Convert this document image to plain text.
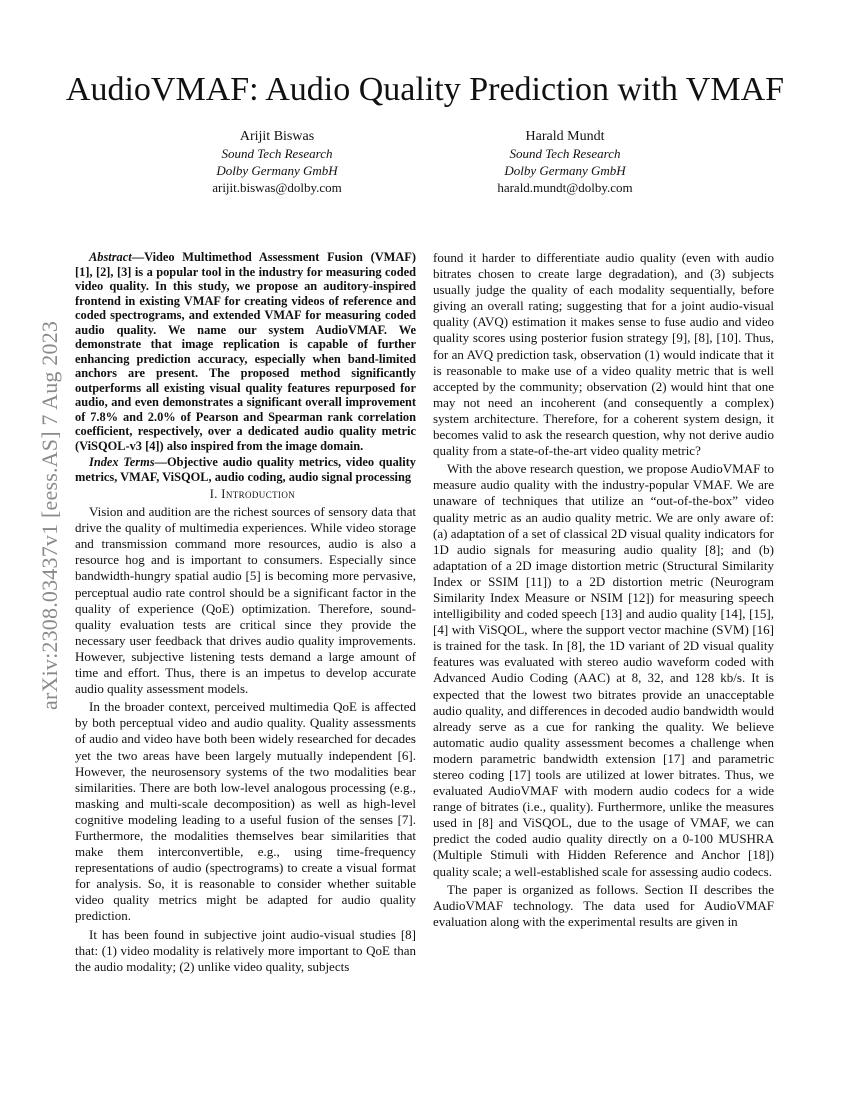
arXiv:2308.03437v1 [eess.AS] 7 Aug 2023
AudioVMAF: Audio Quality Prediction with VMAF
Arijit Biswas
Sound Tech Research
Dolby Germany GmbH
arijit.biswas@dolby.com
Harald Mundt
Sound Tech Research
Dolby Germany GmbH
harald.mundt@dolby.com

Abstract—Video Multimethod Assessment Fusion (VMAF) [1], [2], [3] is a popular tool in the industry for measuring coded video quality. In this study, we propose an auditory-inspired frontend in existing VMAF for creating videos of reference and coded spectrograms, and extended VMAF for measuring coded audio quality. We name our system AudioVMAF. We demonstrate that image replication is capable of further enhancing prediction accuracy, especially when band-limited anchors are present. The proposed method significantly outperforms all existing visual quality features repurposed for audio, and even demonstrates a significant overall improvement of 7.8% and 2.0% of Pearson and Spearman rank correlation coefficient, respectively, over a dedicated audio quality metric (ViSQOL-v3 [4]) also inspired from the image domain.

Index Terms—Objective audio quality metrics, video quality metrics, VMAF, ViSQOL, audio coding, audio signal processing

I. Introduction

Vision and audition are the richest sources of sensory data that drive the quality of multimedia experiences. While video storage and transmission command more resources, audio is also a resource hog and is important to consumers. Especially since bandwidth-hungry spatial audio [5] is becoming more pervasive, perceptual audio rate control should be a significant factor in the quality of experience (QoE) optimization. Therefore, sound-quality evaluation tests are critical since they provide the necessary user feedback that drives audio quality improvements. However, subjective listening tests demand a large amount of time and effort. Thus, there is an impetus to develop accurate audio quality assessment models.

In the broader context, perceived multimedia QoE is affected by both perceptual video and audio quality. Quality assessments of audio and video have both been widely researched for decades yet the two areas have been largely mutually independent [6]. However, the neurosensory systems of the two modalities bear similarities. There are both low-level analogous processing (e.g., masking and multi-scale decomposition) as well as high-level cognitive modeling leading to a useful fusion of the senses [7]. Furthermore, the modalities themselves bear similarities that make them interconvertible, e.g., using time-frequency representations of audio (spectrograms) to create a visual format for analysis. So, it is reasonable to consider whether suitable video quality metrics might be adapted for audio quality prediction.

It has been found in subjective joint audio-visual studies [8] that: (1) video modality is relatively more important to QoE than the audio modality; (2) unlike video quality, subjects

found it harder to differentiate audio quality (even with audio bitrates chosen to create large degradation), and (3) subjects usually judge the quality of each modality sequentially, before giving an overall rating; suggesting that for a joint audio-visual quality (AVQ) estimation it makes sense to fuse audio and video quality scores using posterior fusion strategy [9], [8], [10]. Thus, for an AVQ prediction task, observation (1) would indicate that it is reasonable to make use of a video quality metric that is well accepted by the community; observation (2) would hint that one may not need an incoherent (and consequently a complex) system architecture. Therefore, for a coherent system design, it becomes valid to ask the research question, why not derive audio quality from a state-of-the-art video quality metric?

With the above research question, we propose AudioVMAF to measure audio quality with the industry-popular VMAF. We are unaware of techniques that utilize an “out-of-the-box” video quality metric as an audio quality metric. We are only aware of: (a) adaptation of a set of classical 2D visual quality indicators for 1D audio signals for measuring audio quality [8]; and (b) adaptation of a 2D image distortion metric (Structural Similarity Index or SSIM [11]) to a 2D distortion metric (Neurogram Similarity Index Measure or NSIM [12]) for measuring speech intelligibility and coded speech [13] and audio quality [14], [15], [4] with ViSQOL, where the support vector machine (SVM) [16] is trained for the task. In [8], the 1D variant of 2D visual quality features was evaluated with stereo audio waveform coded with Advanced Audio Coding (AAC) at 8, 32, and 128 kb/s. It is expected that the lowest two bitrates provide an unacceptable audio quality, and differences in decoded audio bandwidth would already serve as a cue for ranking the quality. We believe automatic audio quality assessment becomes a challenge when modern parametric bandwidth extension [17] and parametric stereo coding [17] tools are utilized at lower bitrates. Thus, we evaluated AudioVMAF with modern audio codecs for a wide range of bitrates (i.e., quality). Furthermore, unlike the measures used in [8] and ViSQOL, due to the usage of VMAF, we can predict the coded audio quality directly on a 0-100 MUSHRA (Multiple Stimuli with Hidden Reference and Anchor [18]) quality scale; a well-established scale for assessing audio codecs.

The paper is organized as follows. Section II describes the AudioVMAF technology. The data used for AudioVMAF evaluation along with the experimental results are given in
